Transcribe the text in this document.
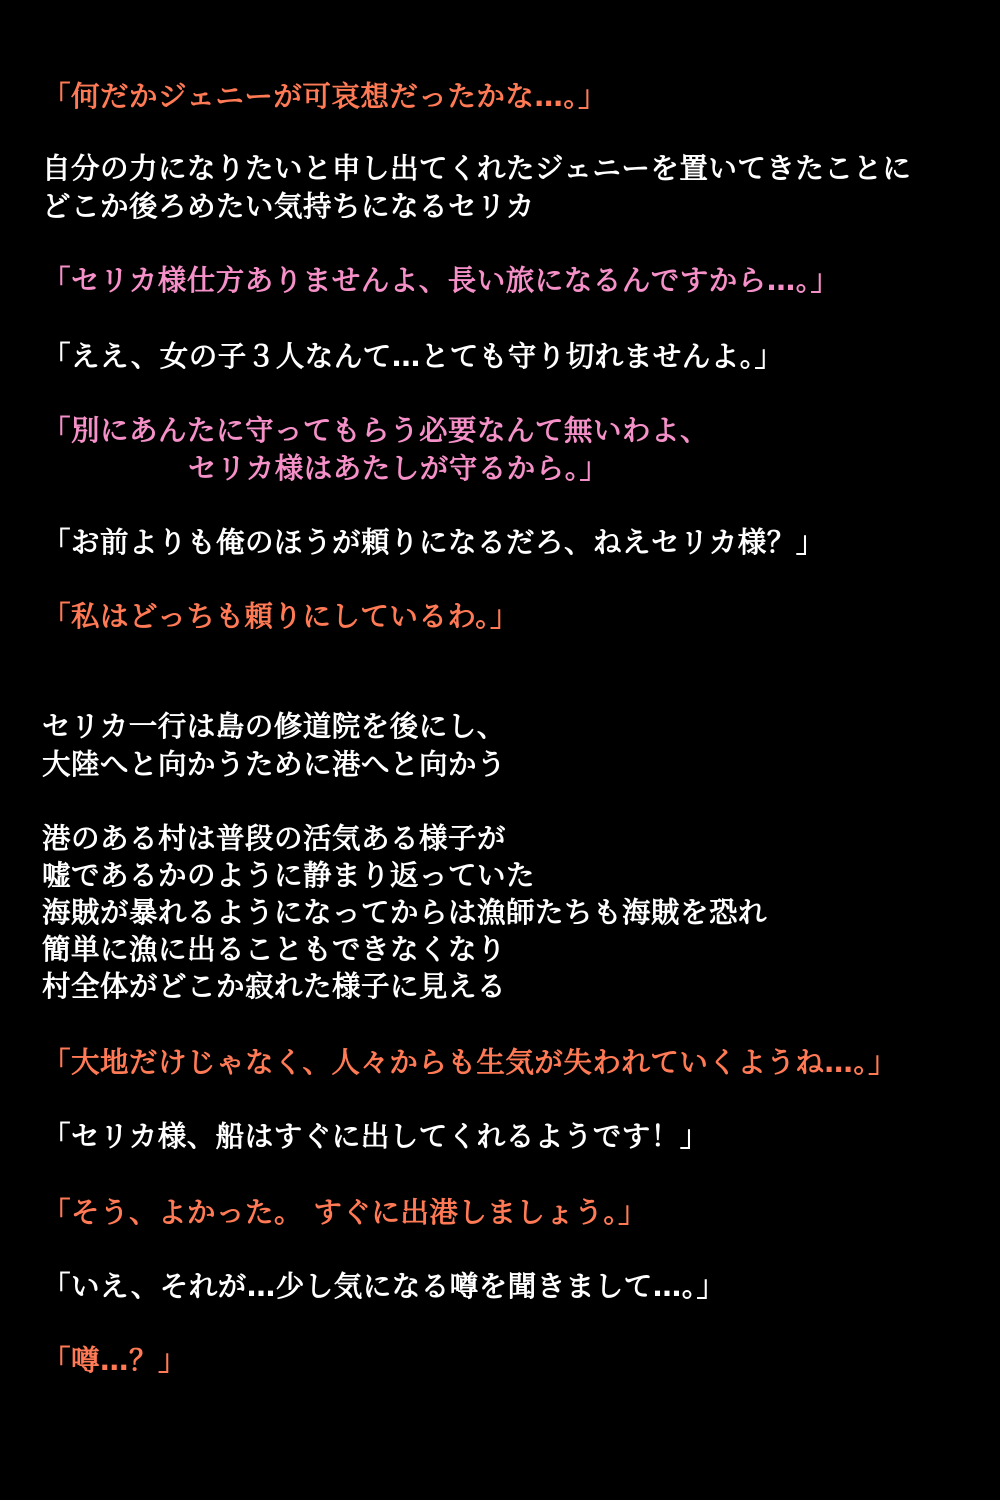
「何だかジェニーが可哀想だったかな…。」
自分の力になりたいと申し出てくれたジェニーを置いてきたことに
どこか後ろめたい気持ちになるセリカ
「セリカ様仕方ありませんよ、長い旅になるんですから…。」
「ええ、女の子３人なんて…とても守り切れませんよ。」
「別にあんたに守ってもらう必要なんて無いわよ、
セリカ様はあたしが守るから。」
「お前よりも俺のほうが頼りになるだろ、ねえセリカ様？」
「私はどっちも頼りにしているわ。」
セリカ一行は島の修道院を後にし、
大陸へと向かうために港へと向かう
港のある村は普段の活気ある様子が
嘘であるかのように静まり返っていた
海賊が暴れるようになってからは漁師たちも海賊を恐れ
簡単に漁に出ることもできなくなり
村全体がどこか寂れた様子に見える
「大地だけじゃなく、人々からも生気が失われていくようね…。」
「セリカ様、船はすぐに出してくれるようです！」
「そう、よかった。 すぐに出港しましょう。」
「いえ、それが…少し気になる噂を聞きまして…。」
「噂…？」
